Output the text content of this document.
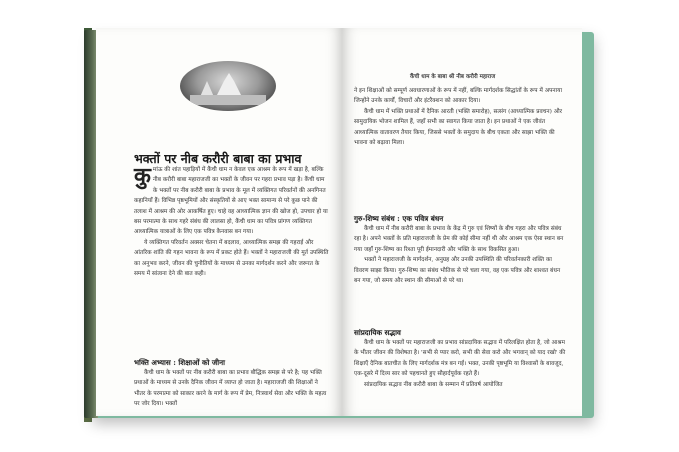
भक्तों पर नीब करौरी बाबा का प्रभाव
कु मांऊ की शांत पहाड़ियों में कैंची धाम न केवल एक आश्रम के रूप में खड़ा है, बल्कि नीब करौरी बाबा महाराजजी का भक्तों के जीवन पर गहरा प्रभाव पड़ा है। कैंची धाम के भक्तों पर नीब करौरी बाबा के प्रभाव के मूल में व्यक्तिगत परिवर्तनों की अनगिनत कहानियाँ हैं। विभिन्न पृष्ठभूमियों और संस्कृतियों से आए भक्त सामान्य से परे कुछ पाने की तलाश में आश्रम की ओर आकर्षित हुए। चाहे वह आध्यात्मिक ज्ञान की खोज हो, उपचार हो या बस परमात्मा के साथ गहरे संबंध की लालसा हो, कैंची धाम का पवित्र प्रांगण व्यक्तिगत आध्यात्मिक यात्राओं के लिए एक पवित्र कैनवास बन गया।

ये व्यक्तिगत परिवर्तन अक्सर चेतना में बदलाव, आध्यात्मिक समझ की गहराई और आंतरिक शांति की गहन भावना के रूप में प्रकट होते हैं। भक्तों ने महाराजजी की मूर्त उपस्थिति का अनुभव करने, जीवन की चुनौतियों के माध्यम से उनका मार्गदर्शन करने और जरूरत के समय में सांत्वना देने की बात कही।

भक्ति अभ्यास : शिक्षाओं को जीना
कैंची धाम के भक्तों पर नीब करौरी बाबा का प्रभाव बौद्धिक समझ से परे है; यह भक्ति प्रथाओं के माध्यम से उनके दैनिक जीवन में व्याप्त हो जाता है। महाराजजी की शिक्षाओं ने भीतर के परमात्मा को साकार करने के मार्ग के रूप में प्रेम, निःस्वार्थ सेवा और भक्ति के महत्व पर जोर दिया। भक्तों
कैंची धाम के बाबा श्री नीब करौरी महाराज

ने इन शिक्षाओं को सम्पूर्ण अवधारणाओं के रूप में नहीं, बल्कि मार्गदर्शक सिद्धांतों के रूप में अपनाया जिन्होंने उनके कार्यों, विचारों और इंटरैक्शन को आकार दिया।

कैंची धाम में भक्ति प्रथाओं में दैनिक आरती (भक्ति समारोह), सत्संग (आध्यात्मिक प्रवचन) और सामुदायिक भोजन शामिल हैं, जहाँ सभी का स्वागत किया जाता है। इन प्रथाओं ने एक जीवंत आध्यात्मिक वातावरण तैयार किया, जिससे भक्तों के समुदाय के बीच एकता और साझा भक्ति की भावना को बढ़ावा मिला।

गुरु-शिष्य संबंध : एक पवित्र बंधन

कैंची धाम में नीब करौरी बाबा के प्रभाव के केंद्र में गुरु एवं शिष्यों के बीच गहरा और पवित्र संबंध रहा है। अपने भक्तों के प्रति महाराजजी के प्रेम की कोई सीमा नहीं थी और आश्रम एक ऐसा स्थान बन गया जहाँ गुरु-शिष्य का रिश्ता पूरी ईमानदारी और भक्ति के साथ विकसित हुआ।

भक्तों ने महाराजजी के मार्गदर्शन, अनुग्रह और उनकी उपस्थिति की परिवर्तनकारी शक्ति का विवरण साझा किया। गुरु-शिष्य का संबंध भौतिक से परे चला गया, वह एक पवित्र और शाश्वत बंधन बन गया, जो समय और स्थान की सीमाओं से परे था।

सांप्रदायिक सद्भाव

कैंची धाम के भक्तों पर महाराजजी का प्रभाव सांप्रदायिक सद्भाव में परिलक्षित होता है, जो आश्रम के भीतर जीवन की विशेषता है। 'सभी से प्यार करो, सभी की सेवा करो और भगवान् को याद रखो' की शिक्षाएँ दैनिक बातचीत के लिए मार्गदर्शक मंत्र बन गईं। भक्त, उनकी पृष्ठभूमि या विश्वासों के बावजूद, एक-दूसरे में दिव्य सार को पहचानते हुए सौहार्दपूर्वक रहते हैं।

सांप्रदायिक सद्भाव नीब करौरी बाबा के सम्मान में प्रतिवर्ष आयोजित
